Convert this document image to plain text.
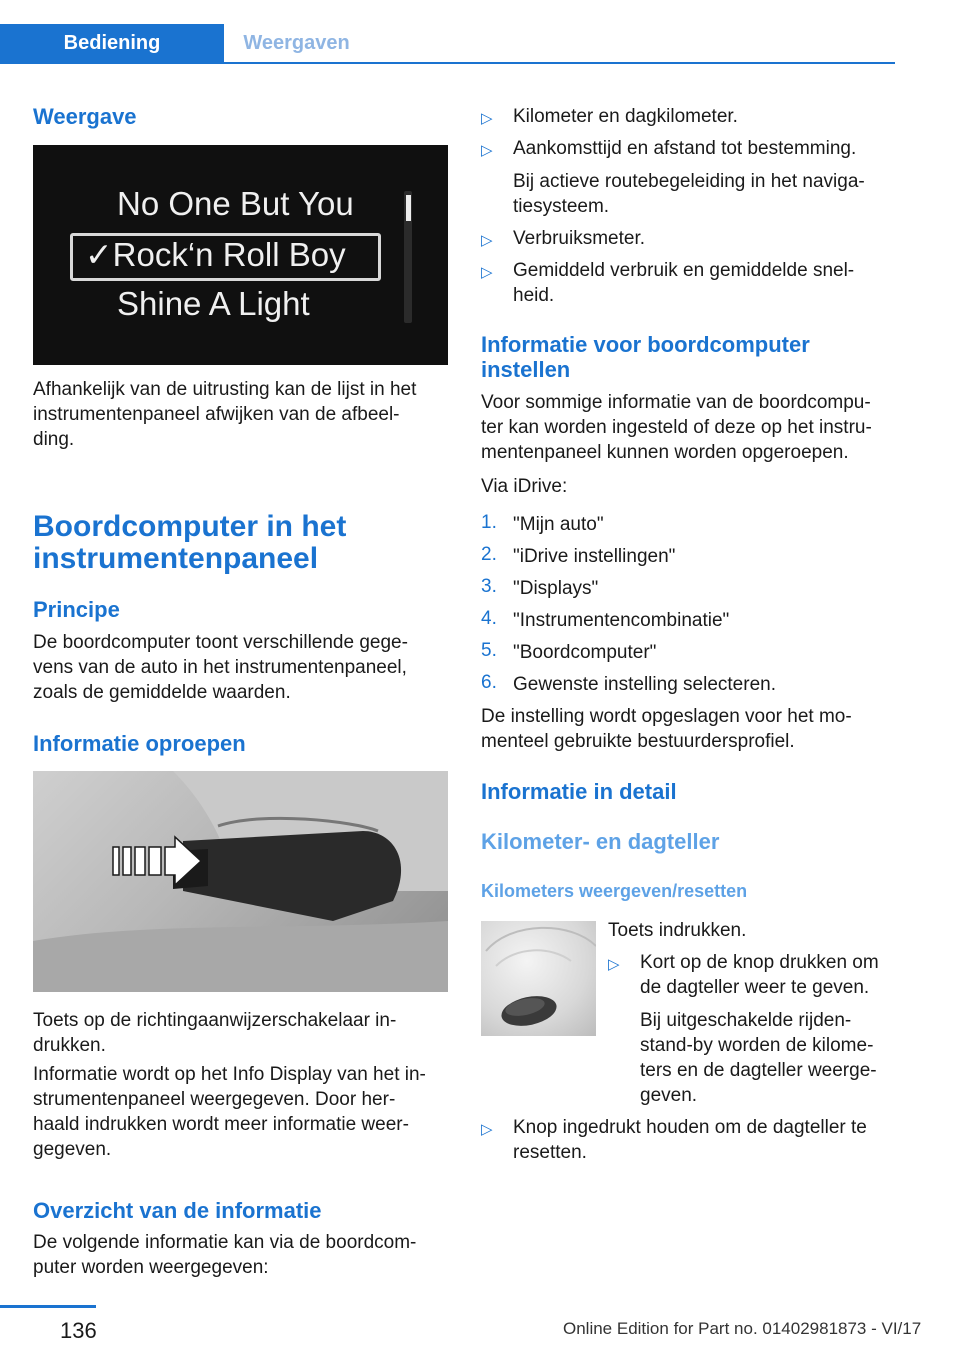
Bediening	Weergaven
Weergave
No One But You
✓Rock‘n Roll Boy
Shine A Light
Afhankelijk van de uitrusting kan de lijst in het
instrumentenpaneel afwijken van de afbeel-
ding.
Boordcomputer in het
instrumentenpaneel
Principe
De boordcomputer toont verschillende gege-
vens van de auto in het instrumentenpaneel,
zoals de gemiddelde waarden.
Informatie oproepen
Toets op de richtingaanwijzerschakelaar in-
drukken.
Informatie wordt op het Info Display van het in-
strumentenpaneel weergegeven. Door her-
haald indrukken wordt meer informatie weer-
gegeven.
Overzicht van de informatie
De volgende informatie kan via de boordcom-
puter worden weergegeven:
▷ Kilometer en dagkilometer.
▷ Aankomsttijd en afstand tot bestemming.
Bij actieve routebegeleiding in het naviga-
tiesysteem.
▷ Verbruiksmeter.
▷ Gemiddeld verbruik en gemiddelde snel-
heid.
Informatie voor boordcomputer
instellen
Voor sommige informatie van de boordcompu-
ter kan worden ingesteld of deze op het instru-
mentenpaneel kunnen worden opgeroepen.
Via iDrive:
1. "Mijn auto"
2. "iDrive instellingen"
3. "Displays"
4. "Instrumentencombinatie"
5. "Boordcomputer"
6. Gewenste instelling selecteren.
De instelling wordt opgeslagen voor het mo-
menteel gebruikte bestuurdersprofiel.
Informatie in detail
Kilometer- en dagteller
Kilometers weergeven/resetten
Toets indrukken.
▷ Kort op de knop drukken om
de dagteller weer te geven.
Bij uitgeschakelde rijden-
stand-by worden de kilome-
ters en de dagteller weerge-
geven.
▷ Knop ingedrukt houden om de dagteller te
resetten.
136	Online Edition for Part no. 01402981873 - VI/17
